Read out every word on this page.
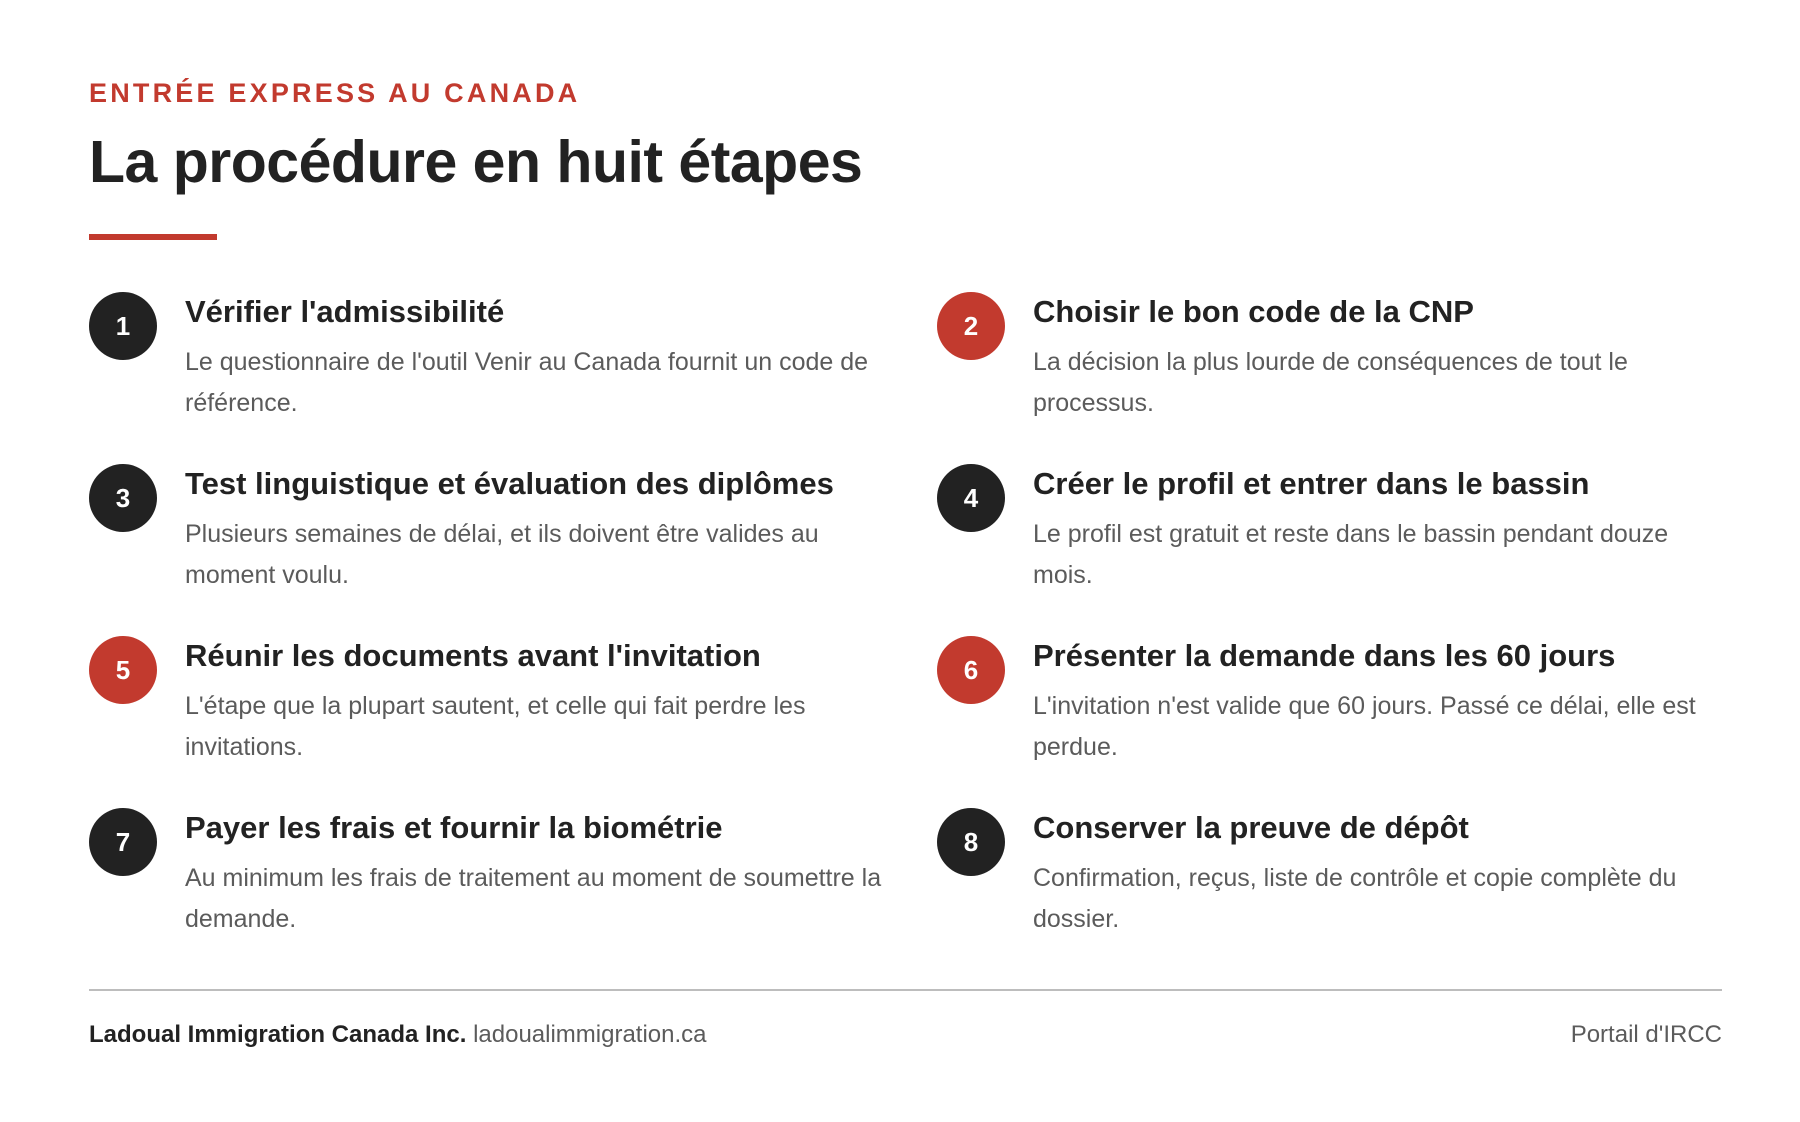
ENTRÉE EXPRESS AU CANADA
La procédure en huit étapes
1	Vérifier l'admissibilité

Le questionnaire de l'outil Venir au Canada fournit un code de référence.

2	Choisir le bon code de la CNP

La décision la plus lourde de conséquences de tout le processus.

3	Test linguistique et évaluation des diplômes

Plusieurs semaines de délai, et ils doivent être valides au moment voulu.

4	Créer le profil et entrer dans le bassin

Le profil est gratuit et reste dans le bassin pendant douze mois.

5	Réunir les documents avant l'invitation

L'étape que la plupart sautent, et celle qui fait perdre les invitations.

6	Présenter la demande dans les 60 jours

L'invitation n'est valide que 60 jours. Passé ce délai, elle est perdue.

7	Payer les frais et fournir la biométrie

Au minimum les frais de traitement au moment de soumettre la demande.

8	Conserver la preuve de dépôt

Confirmation, reçus, liste de contrôle et copie complète du dossier.

Ladoual Immigration Canada Inc. ladoualimmigration.ca	Portail d'IRCC
